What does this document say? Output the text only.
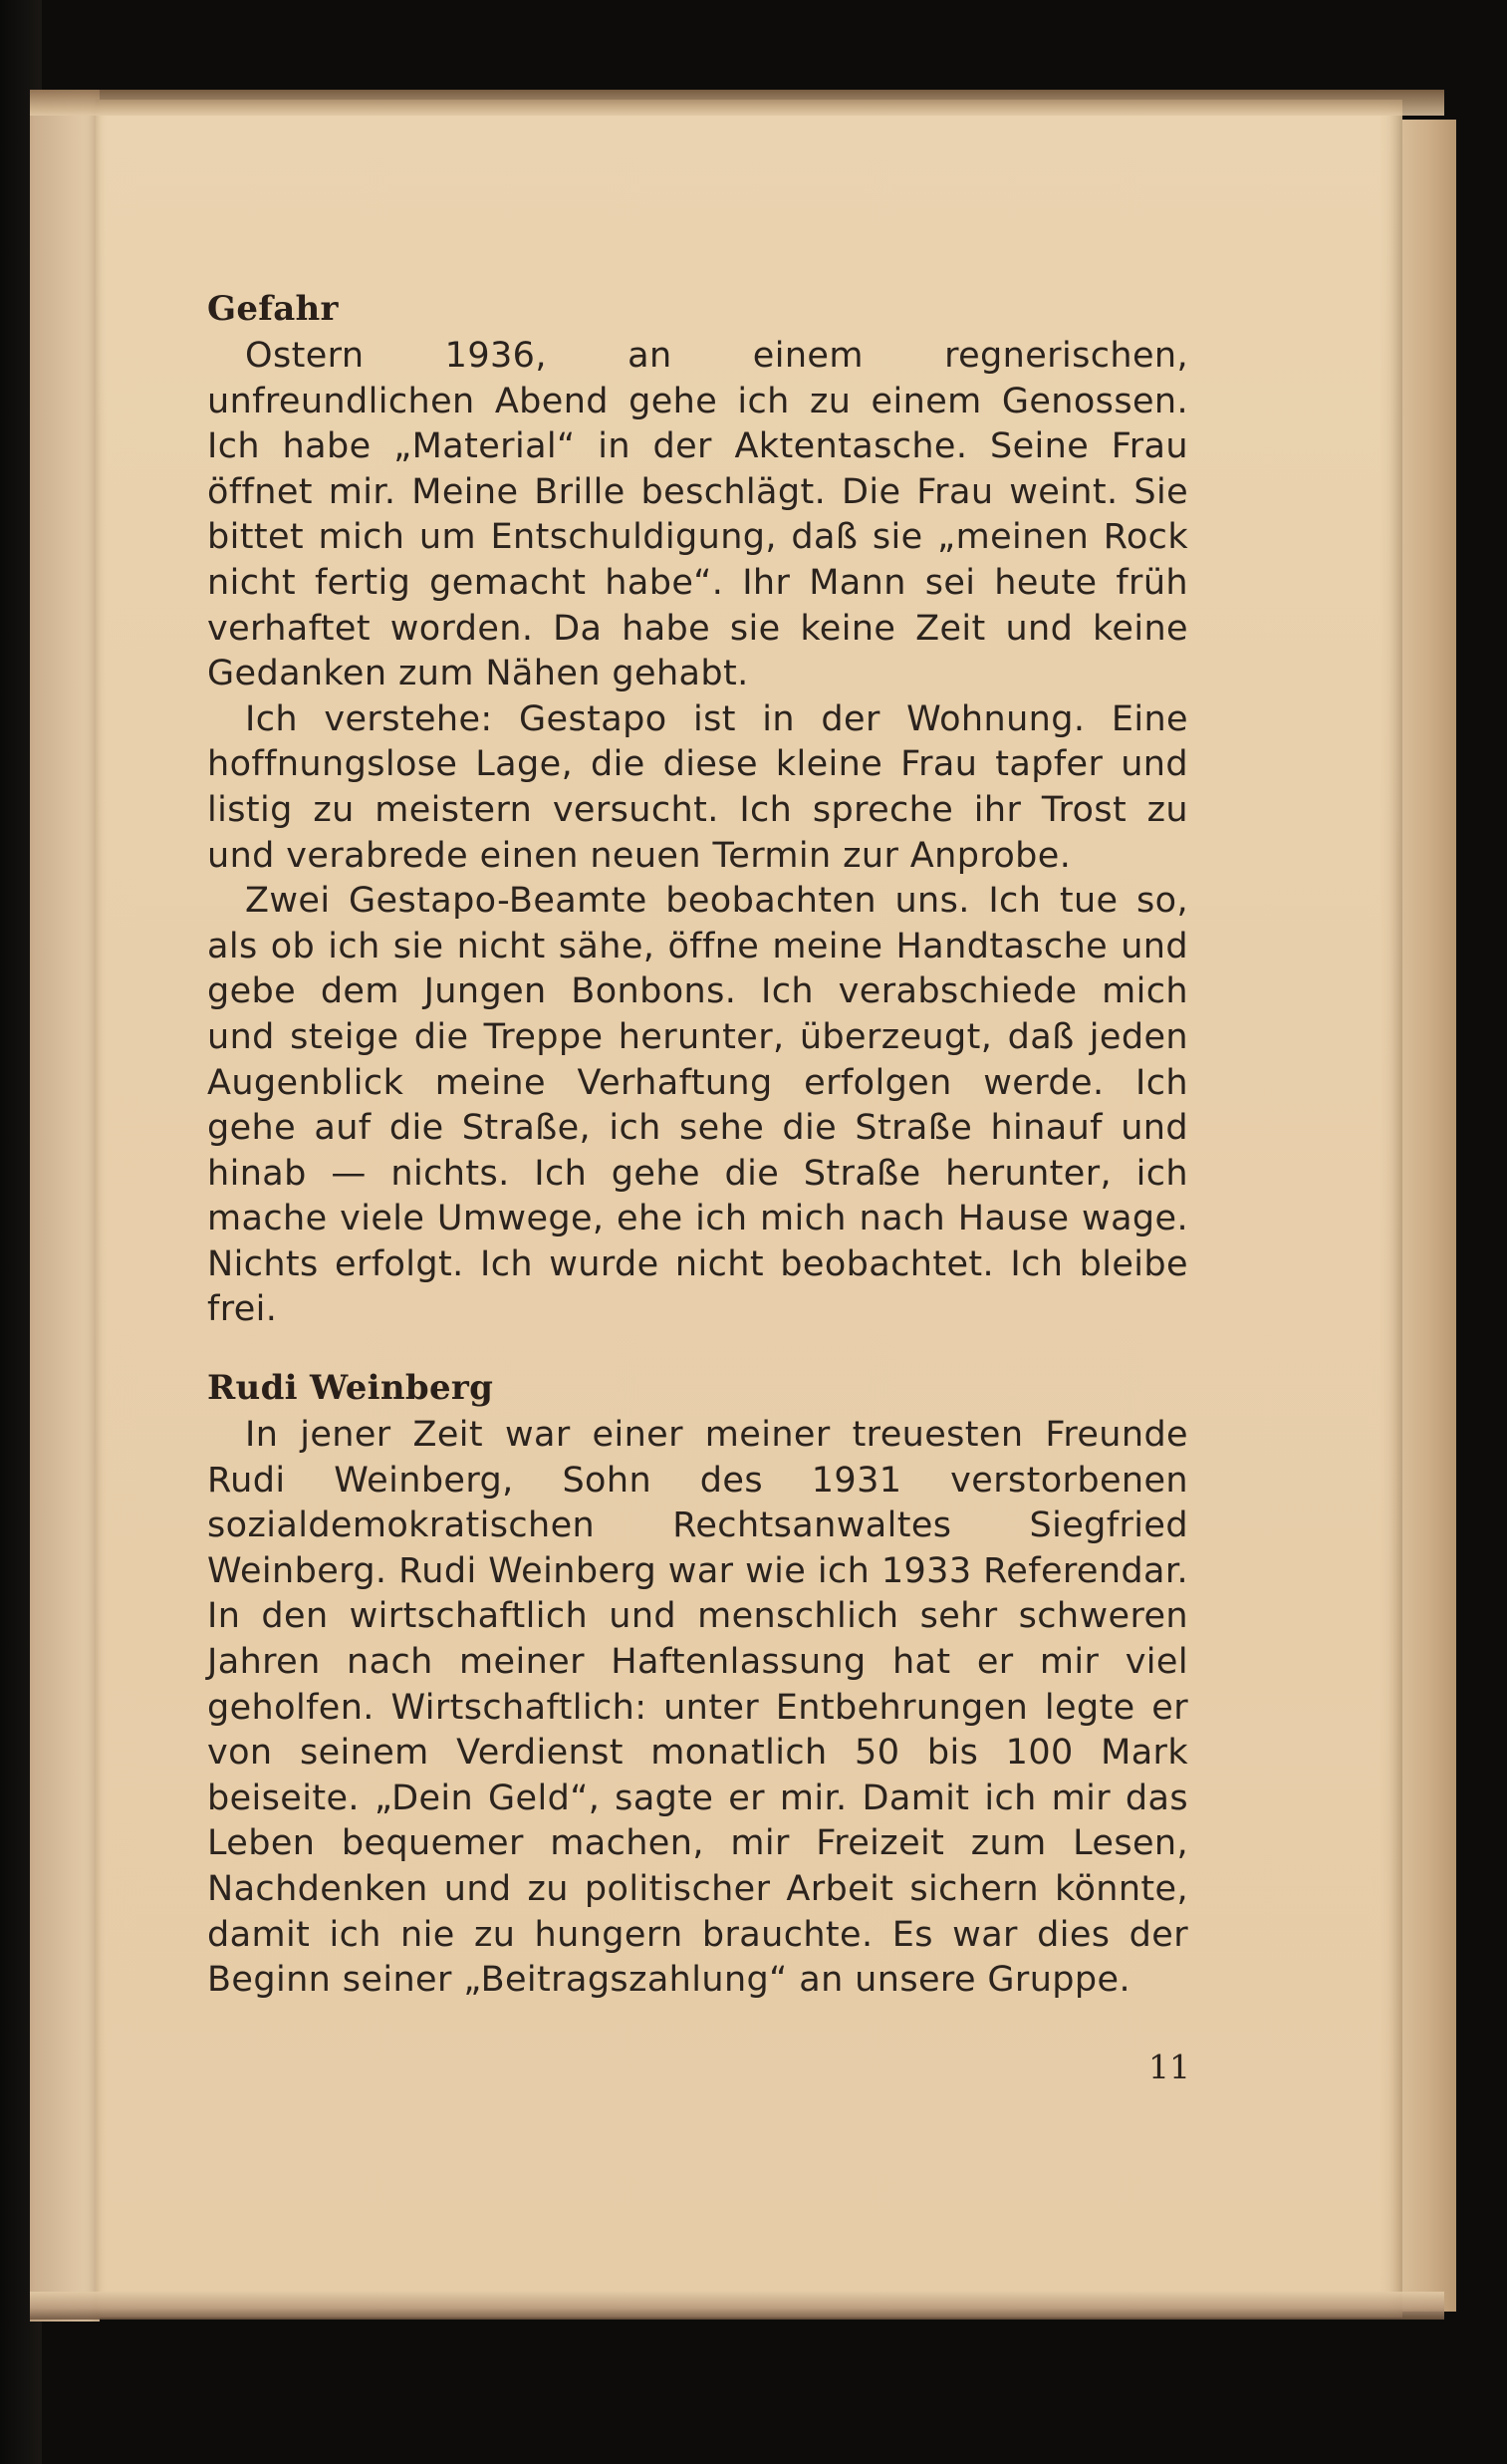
Gefahr

Ostern 1936, an einem regnerischen, unfreundlichen Abend gehe ich zu einem Genossen. Ich habe „Material“ in der Aktentasche. Seine Frau öffnet mir. Meine Brille beschlägt. Die Frau weint. Sie bittet mich um Entschuldigung, daß sie „meinen Rock nicht fertig gemacht habe“. Ihr Mann sei heute früh verhaftet worden. Da habe sie keine Zeit und keine Gedanken zum Nähen gehabt.

Ich verstehe: Gestapo ist in der Wohnung. Eine hoffnungslose Lage, die diese kleine Frau tapfer und listig zu meistern versucht. Ich spreche ihr Trost zu und verabrede einen neuen Termin zur Anprobe.

Zwei Gestapo-Beamte beobachten uns. Ich tue so, als ob ich sie nicht sähe, öffne meine Handtasche und gebe dem Jungen Bonbons. Ich verabschiede mich und steige die Treppe herunter, überzeugt, daß jeden Augenblick meine Verhaftung erfolgen werde. Ich gehe auf die Straße, ich sehe die Straße hinauf und hinab — nichts. Ich gehe die Straße herunter, ich mache viele Umwege, ehe ich mich nach Hause wage. Nichts erfolgt. Ich wurde nicht beobachtet. Ich bleibe frei.

Rudi Weinberg

In jener Zeit war einer meiner treuesten Freunde Rudi Weinberg, Sohn des 1931 verstorbenen sozialdemokratischen Rechtsanwaltes Siegfried Weinberg. Rudi Weinberg war wie ich 1933 Referendar. In den wirtschaftlich und menschlich sehr schweren Jahren nach meiner Haftenlassung hat er mir viel geholfen. Wirtschaftlich: unter Entbehrungen legte er von seinem Verdienst monatlich 50 bis 100 Mark beiseite. „Dein Geld“, sagte er mir. Damit ich mir das Leben bequemer machen, mir Freizeit zum Lesen, Nachdenken und zu politischer Arbeit sichern könnte, damit ich nie zu hungern brauchte. Es war dies der Beginn seiner „Beitragszahlung“ an unsere Gruppe.

11
